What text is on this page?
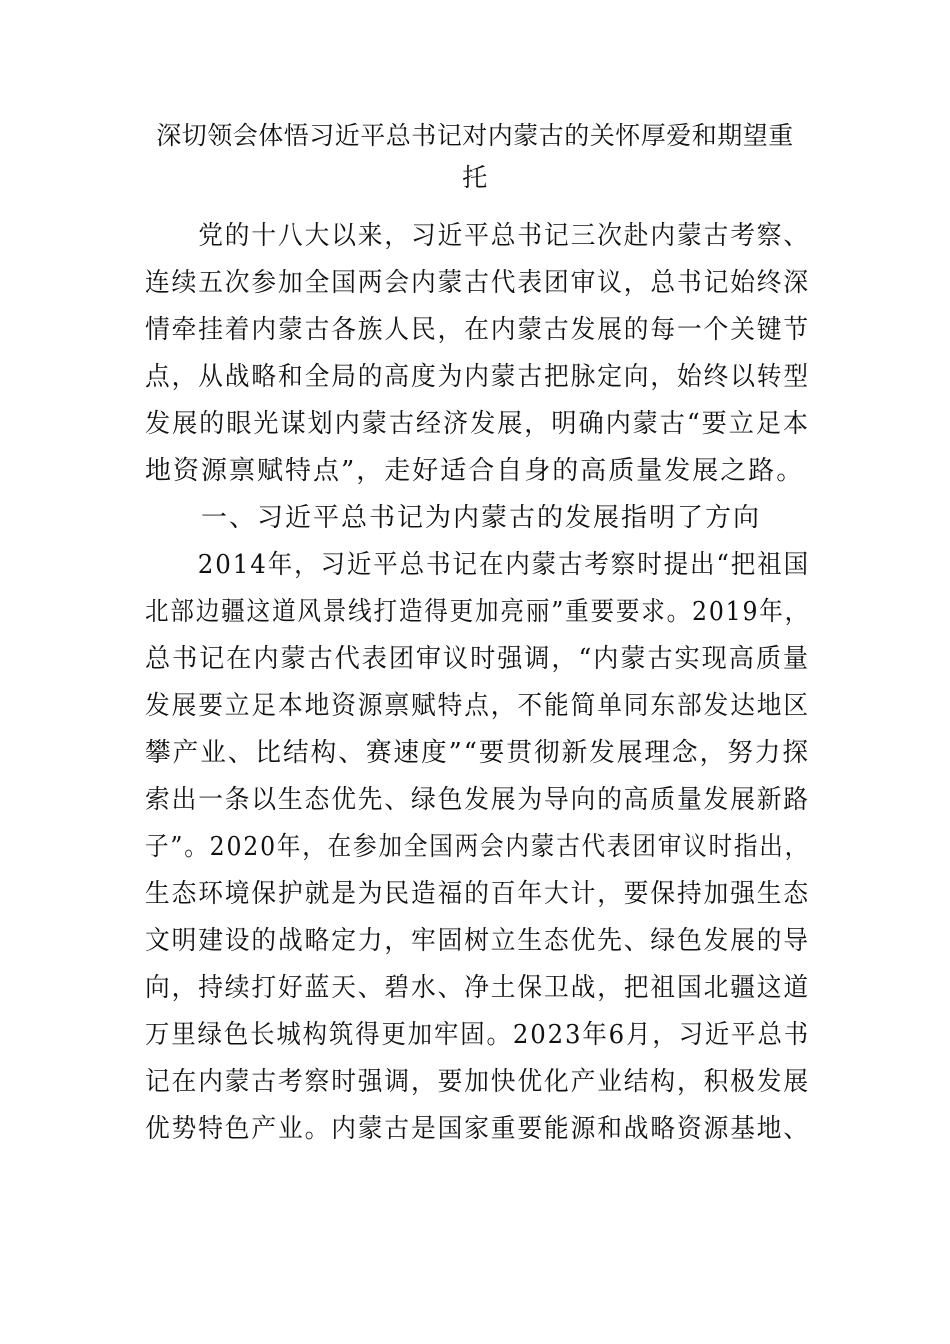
深切领会体悟习近平总书记对内蒙古的关怀厚爱和期望重
托
　　党的十八大以来，习近平总书记三次赴内蒙古考察、
连续五次参加全国两会内蒙古代表团审议，总书记始终深
情牵挂着内蒙古各族人民，在内蒙古发展的每一个关键节
点，从战略和全局的高度为内蒙古把脉定向，始终以转型
发展的眼光谋划内蒙古经济发展，明确内蒙古“要立足本
地资源禀赋特点”，走好适合自身的高质量发展之路。
　　一、习近平总书记为内蒙古的发展指明了方向
　　2014年，习近平总书记在内蒙古考察时提出“把祖国
北部边疆这道风景线打造得更加亮丽”重要要求。2019年，
总书记在内蒙古代表团审议时强调，“内蒙古实现高质量
发展要立足本地资源禀赋特点，不能简单同东部发达地区
攀产业、比结构、赛速度”“要贯彻新发展理念，努力探
索出一条以生态优先、绿色发展为导向的高质量发展新路
子”。2020年，在参加全国两会内蒙古代表团审议时指出，
生态环境保护就是为民造福的百年大计，要保持加强生态
文明建设的战略定力，牢固树立生态优先、绿色发展的导
向，持续打好蓝天、碧水、净土保卫战，把祖国北疆这道
万里绿色长城构筑得更加牢固。2023年6月，习近平总书
记在内蒙古考察时强调，要加快优化产业结构，积极发展
优势特色产业。内蒙古是国家重要能源和战略资源基地、
